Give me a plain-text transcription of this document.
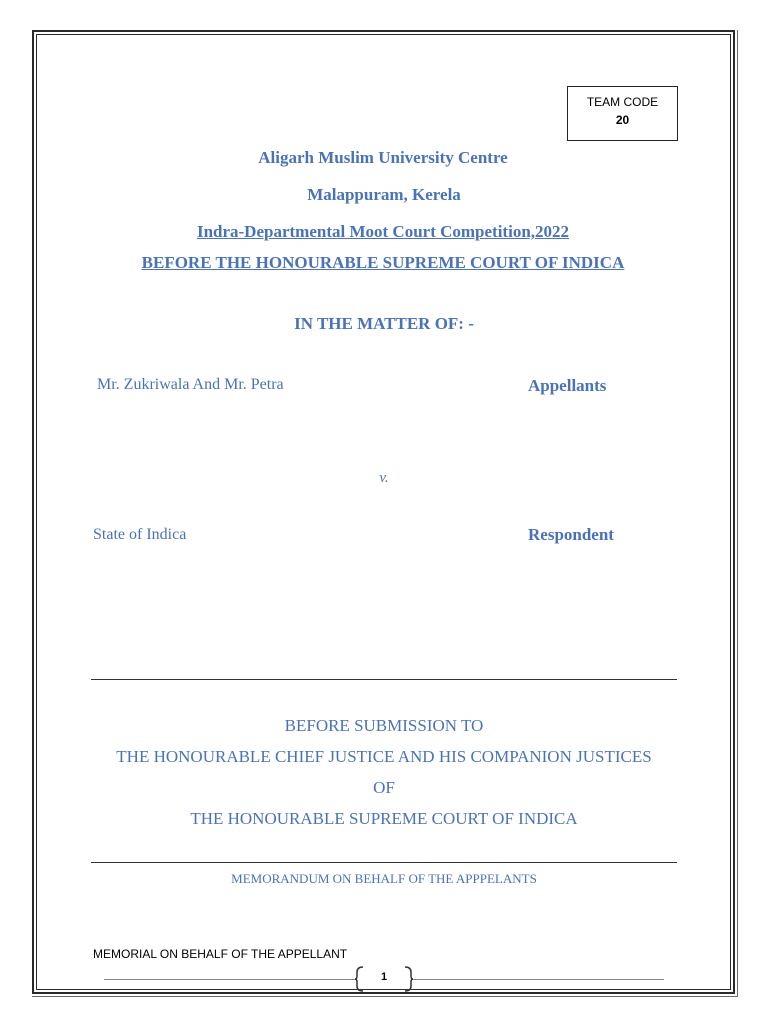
TEAM CODE
20
Aligarh Muslim University Centre
Malappuram, Kerela
Indra-Departmental Moot Court Competition,2022
BEFORE THE HONOURABLE SUPREME COURT OF INDICA
IN THE MATTER OF: -
Mr. Zukriwala And Mr. Petra	Appellants
v.
State of Indica	Respondent
BEFORE SUBMISSION TO
THE HONOURABLE CHIEF JUSTICE AND HIS COMPANION JUSTICES
OF
THE HONOURABLE SUPREME COURT OF INDICA
MEMORANDUM ON BEHALF OF THE APPPELANTS
MEMORIAL ON BEHALF OF THE APPELLANT
1
